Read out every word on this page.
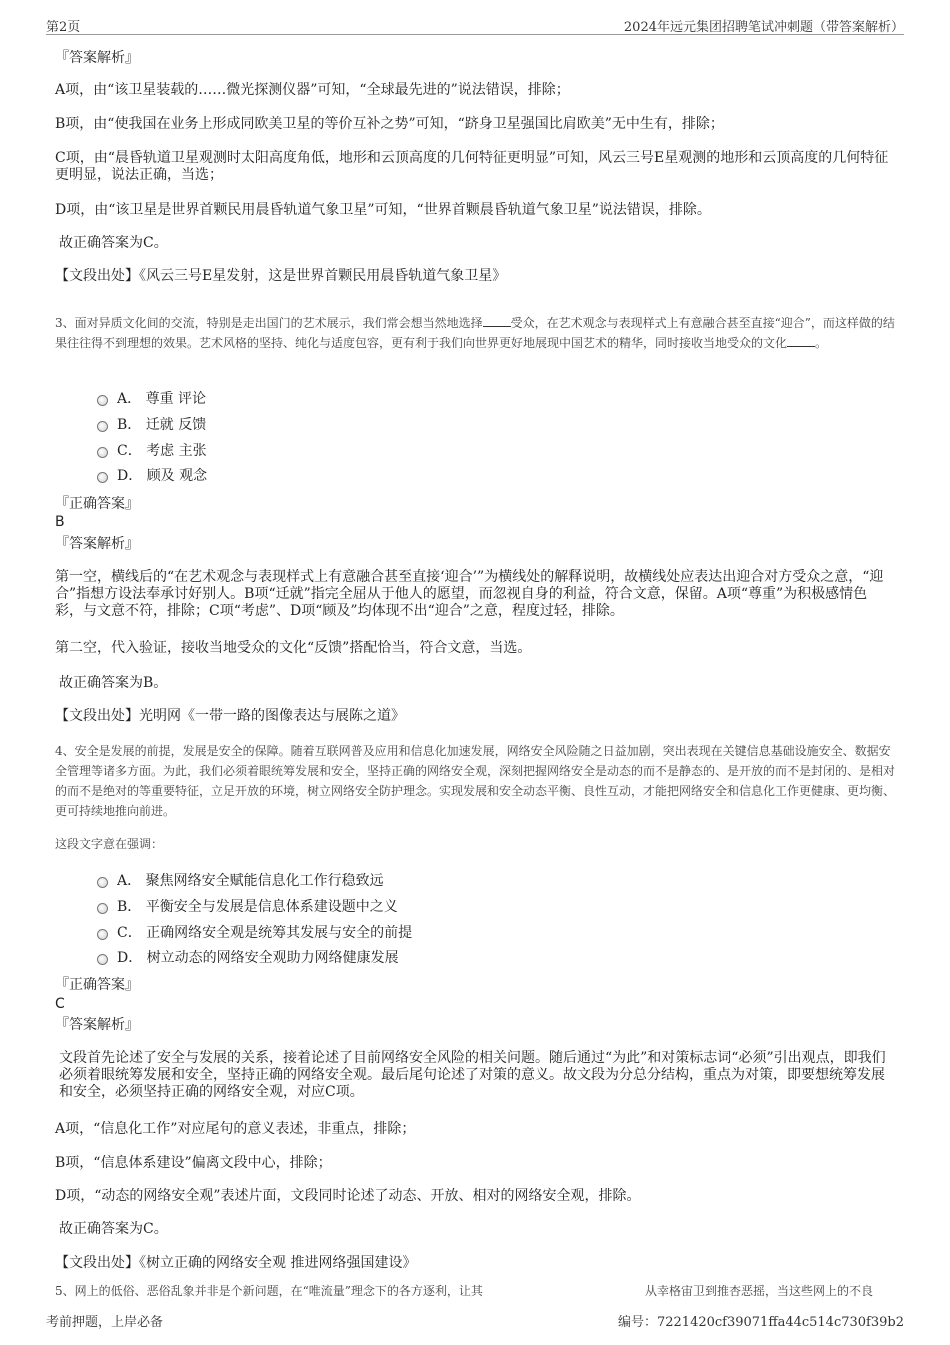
第2页	2024年远元集团招聘笔试冲刺题（带答案解析）
『答案解析』
A项，由“该卫星装载的……微光探测仪器”可知，“全球最先进的”说法错误，排除；
B项，由“使我国在业务上形成同欧美卫星的等价互补之势”可知，“跻身卫星强国比肩欧美”无中生有，排除；
C项，由“晨昏轨道卫星观测时太阳高度角低，地形和云顶高度的几何特征更明显”可知，风云三号E星观测的地形和云顶高度的几何特征更明显，说法正确，当选；
D项，由“该卫星是世界首颗民用晨昏轨道气象卫星”可知，“世界首颗晨昏轨道气象卫星”说法错误，排除。
故正确答案为C。
【文段出处】《风云三号E星发射，这是世界首颗民用晨昏轨道气象卫星》
3、面对异质文化间的交流，特别是走出国门的艺术展示，我们常会想当然地选择 受众，在艺术观念与表现样式上有意融合甚至直接“迎合”，而这样做的结果往往得不到理想的效果。艺术风格的坚持、纯化与适度包容，更有利于我们向世界更好地展现中国艺术的精华，同时接收当地受众的文化 。
A． 尊重 评论
B． 迁就 反馈
C． 考虑 主张
D． 顾及 观念
『正确答案』
B
『答案解析』
第一空，横线后的“在艺术观念与表现样式上有意融合甚至直接‘迎合’”为横线处的解释说明，故横线处应表达出迎合对方受众之意，“迎合”指想方设法奉承讨好别人。B项“迁就”指完全屈从于他人的愿望，而忽视自身的利益，符合文意，保留。A项“尊重”为积极感情色彩，与文意不符，排除；C项“考虑”、D项“顾及”均体现不出“迎合”之意，程度过轻，排除。
第二空，代入验证，接收当地受众的文化“反馈”搭配恰当，符合文意，当选。
故正确答案为B。
【文段出处】光明网《一带一路的图像表达与展陈之道》
4、安全是发展的前提，发展是安全的保障。随着互联网普及应用和信息化加速发展，网络安全风险随之日益加剧，突出表现在关键信息基础设施安全、数据安全管理等诸多方面。为此，我们必须着眼统筹发展和安全，坚持正确的网络安全观，深刻把握网络安全是动态的而不是静态的、是开放的而不是封闭的、是相对的而不是绝对的等重要特征，立足开放的环境，树立网络安全防护理念。实现发展和安全动态平衡、良性互动，才能把网络安全和信息化工作更健康、更均衡、更可持续地推向前进。
这段文字意在强调：
A． 聚焦网络安全赋能信息化工作行稳致远
B． 平衡安全与发展是信息体系建设题中之义
C． 正确网络安全观是统筹其发展与安全的前提
D． 树立动态的网络安全观助力网络健康发展
『正确答案』
C
『答案解析』
文段首先论述了安全与发展的关系，接着论述了目前网络安全风险的相关问题。随后通过“为此”和对策标志词“必须”引出观点，即我们必须着眼统筹发展和安全，坚持正确的网络安全观。最后尾句论述了对策的意义。故文段为分总分结构，重点为对策，即要想统筹发展和安全，必须坚持正确的网络安全观，对应C项。
A项，“信息化工作”对应尾句的意义表述，非重点，排除；
B项，“信息体系建设”偏离文段中心，排除；
D项，“动态的网络安全观”表述片面，文段同时论述了动态、开放、相对的网络安全观，排除。
故正确答案为C。
【文段出处】《树立正确的网络安全观 推进网络强国建设》
5、网上的低俗、恶俗乱象并非是个新问题，在“唯流量”理念下的各方逐利，让其	从幸格宙卫到推杏恶摇，当这些网上的不良
考前押题，上岸必备	编号：7221420cf39071ffa44c514c730f39b2
